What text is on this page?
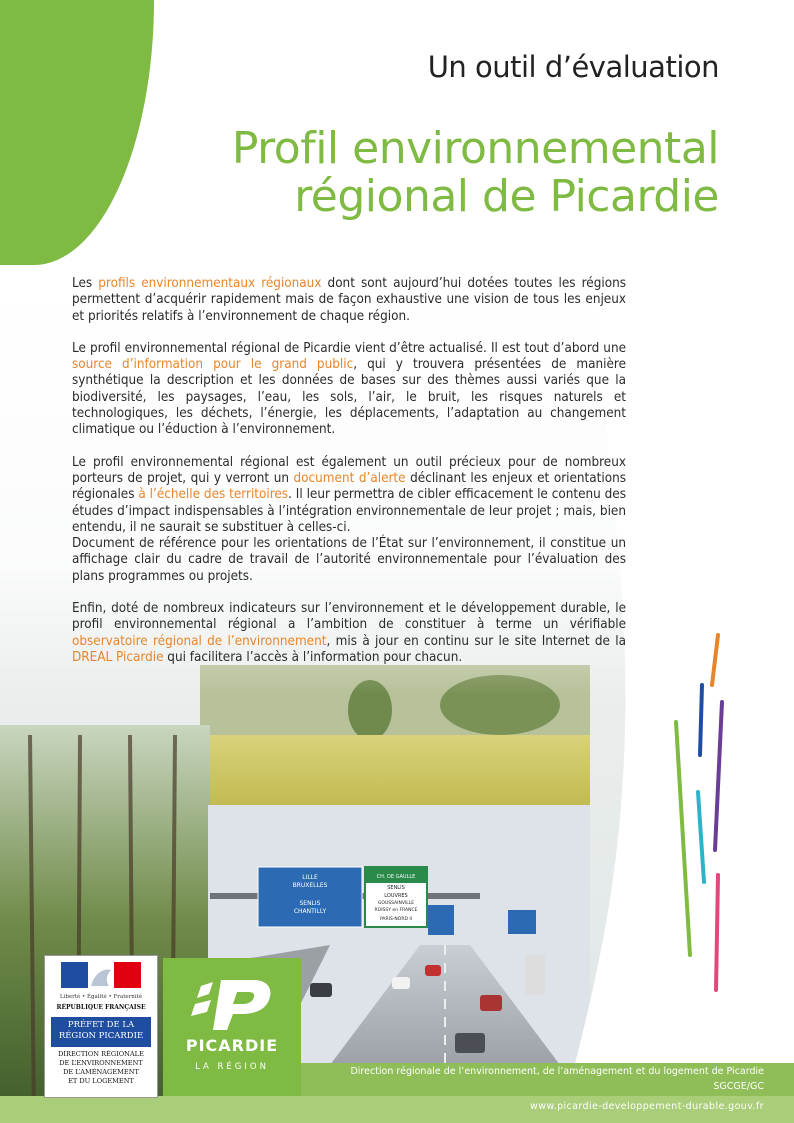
Un outil d’évaluation
Profil environnemental
régional de Picardie

Les profils environnementaux régionaux dont sont aujourd’hui dotées toutes les régions permettent d’acquérir rapidement mais de façon exhaustive une vision de tous les enjeux et priorités relatifs à l’environnement de chaque région.

Le profil environnemental régional de Picardie vient d’être actualisé. Il est tout d’abord une source d’information pour le grand public, qui y trouvera présentées de manière synthétique la description et les données de bases sur des thèmes aussi variés que la biodiversité, les paysages, l’eau, les sols, l’air, le bruit, les risques naturels et technologiques, les déchets, l’énergie, les déplacements, l’adaptation au changement climatique ou l’éduction à l’environnement.

Le profil environnemental régional est également un outil précieux pour de nombreux porteurs de projet, qui y verront un document d’alerte déclinant les enjeux et orientations régionales à l’échelle des territoires. Il leur permettra de cibler efficacement le contenu des études d’impact indispensables à l’intégration environnementale de leur projet ; mais, bien entendu, il ne saurait se substituer à celles-ci.

Document de référence pour les orientations de l’État sur l’environnement, il constitue un affichage clair du cadre de travail de l’autorité environnementale pour l’évaluation des plans programmes ou projets.

Enfin, doté de nombreux indicateurs sur l’environnement et le développement durable, le profil environnemental régional a l’ambition de constituer à terme un vérifiable observatoire régional de l’environnement, mis à jour en continu sur le site Internet de la DREAL Picardie qui facilitera l’accès à l’information pour chacun.

Direction régionale de l’environnement, de l’aménagement et du logement de Picardie
SGCGE/GC
www.picardie-developpement-durable.gouv.fr
Liberté • Égalité • Fraternité
RÉPUBLIQUE FRANÇAISE
PRÉFET DE LA
RÉGION PICARDIE
DIRECTION RÉGIONALE
DE L’ENVIRONNEMENT
DE L’AMÉNAGEMENT
ET DU LOGEMENT
PICARDIE
LA RÉGION
